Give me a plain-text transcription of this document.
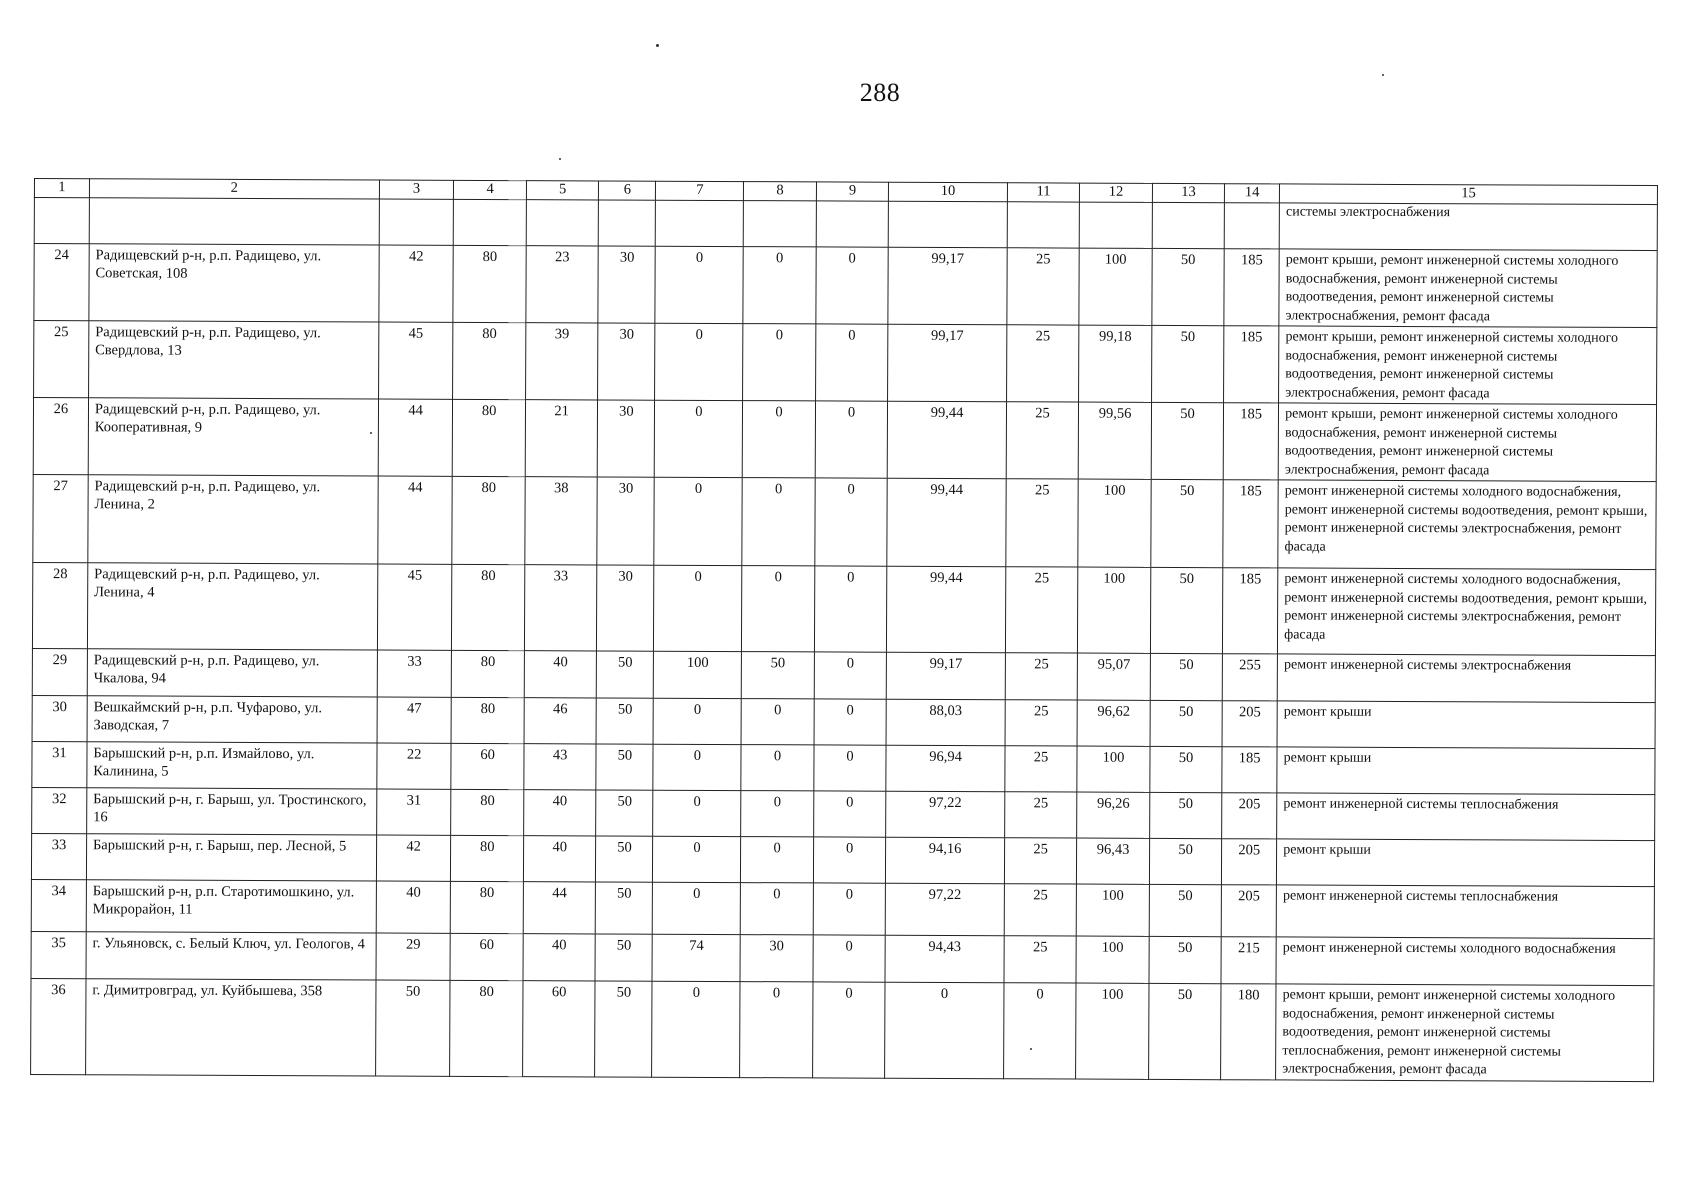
288
1	2	3	4	5	6	7	8	9	10	11	12	13	14	15
														системы электроснабжения
24	Радищевский р-н, р.п. Радищево, ул. Советская, 108	42	80	23	30	0	0	0	99,17	25	100	50	185	ремонт крыши, ремонт инженерной системы холодного водоснабжения, ремонт инженерной системы водоотведения, ремонт инженерной системы электроснабжения, ремонт фасада
25	Радищевский р-н, р.п. Радищево, ул. Свердлова, 13	45	80	39	30	0	0	0	99,17	25	99,18	50	185	ремонт крыши, ремонт инженерной системы холодного водоснабжения, ремонт инженерной системы водоотведения, ремонт инженерной системы электроснабжения, ремонт фасада
26	Радищевский р-н, р.п. Радищево, ул. Кооперативная, 9	44	80	21	30	0	0	0	99,44	25	99,56	50	185	ремонт крыши, ремонт инженерной системы холодного водоснабжения, ремонт инженерной системы водоотведения, ремонт инженерной системы электроснабжения, ремонт фасада
27	Радищевский р-н, р.п. Радищево, ул. Ленина, 2	44	80	38	30	0	0	0	99,44	25	100	50	185	ремонт инженерной системы холодного водоснабжения, ремонт инженерной системы водоотведения, ремонт крыши, ремонт инженерной системы электроснабжения, ремонт фасада
28	Радищевский р-н, р.п. Радищево, ул. Ленина, 4	45	80	33	30	0	0	0	99,44	25	100	50	185	ремонт инженерной системы холодного водоснабжения, ремонт инженерной системы водоотведения, ремонт крыши, ремонт инженерной системы электроснабжения, ремонт фасада
29	Радищевский р-н, р.п. Радищево, ул. Чкалова, 94	33	80	40	50	100	50	0	99,17	25	95,07	50	255	ремонт инженерной системы электроснабжения
30	Вешкаймский р-н, р.п. Чуфарово, ул. Заводская, 7	47	80	46	50	0	0	0	88,03	25	96,62	50	205	ремонт крыши
31	Барышский р-н, р.п. Измайлово, ул. Калинина, 5	22	60	43	50	0	0	0	96,94	25	100	50	185	ремонт крыши
32	Барышский р-н, г. Барыш, ул. Тростинского, 16	31	80	40	50	0	0	0	97,22	25	96,26	50	205	ремонт инженерной системы теплоснабжения
33	Барышский р-н, г. Барыш, пер. Лесной, 5	42	80	40	50	0	0	0	94,16	25	96,43	50	205	ремонт крыши
34	Барышский р-н, р.п. Старотимошкино, ул. Микрорайон, 11	40	80	44	50	0	0	0	97,22	25	100	50	205	ремонт инженерной системы теплоснабжения
35	г. Ульяновск, с. Белый Ключ, ул. Геологов, 4	29	60	40	50	74	30	0	94,43	25	100	50	215	ремонт инженерной системы холодного водоснабжения
36	г. Димитровград, ул. Куйбышева, 358	50	80	60	50	0	0	0	0	0	100	50	180	ремонт крыши, ремонт инженерной системы холодного водоснабжения, ремонт инженерной системы водоотведения, ремонт инженерной системы теплоснабжения, ремонт инженерной системы электроснабжения, ремонт фасада
